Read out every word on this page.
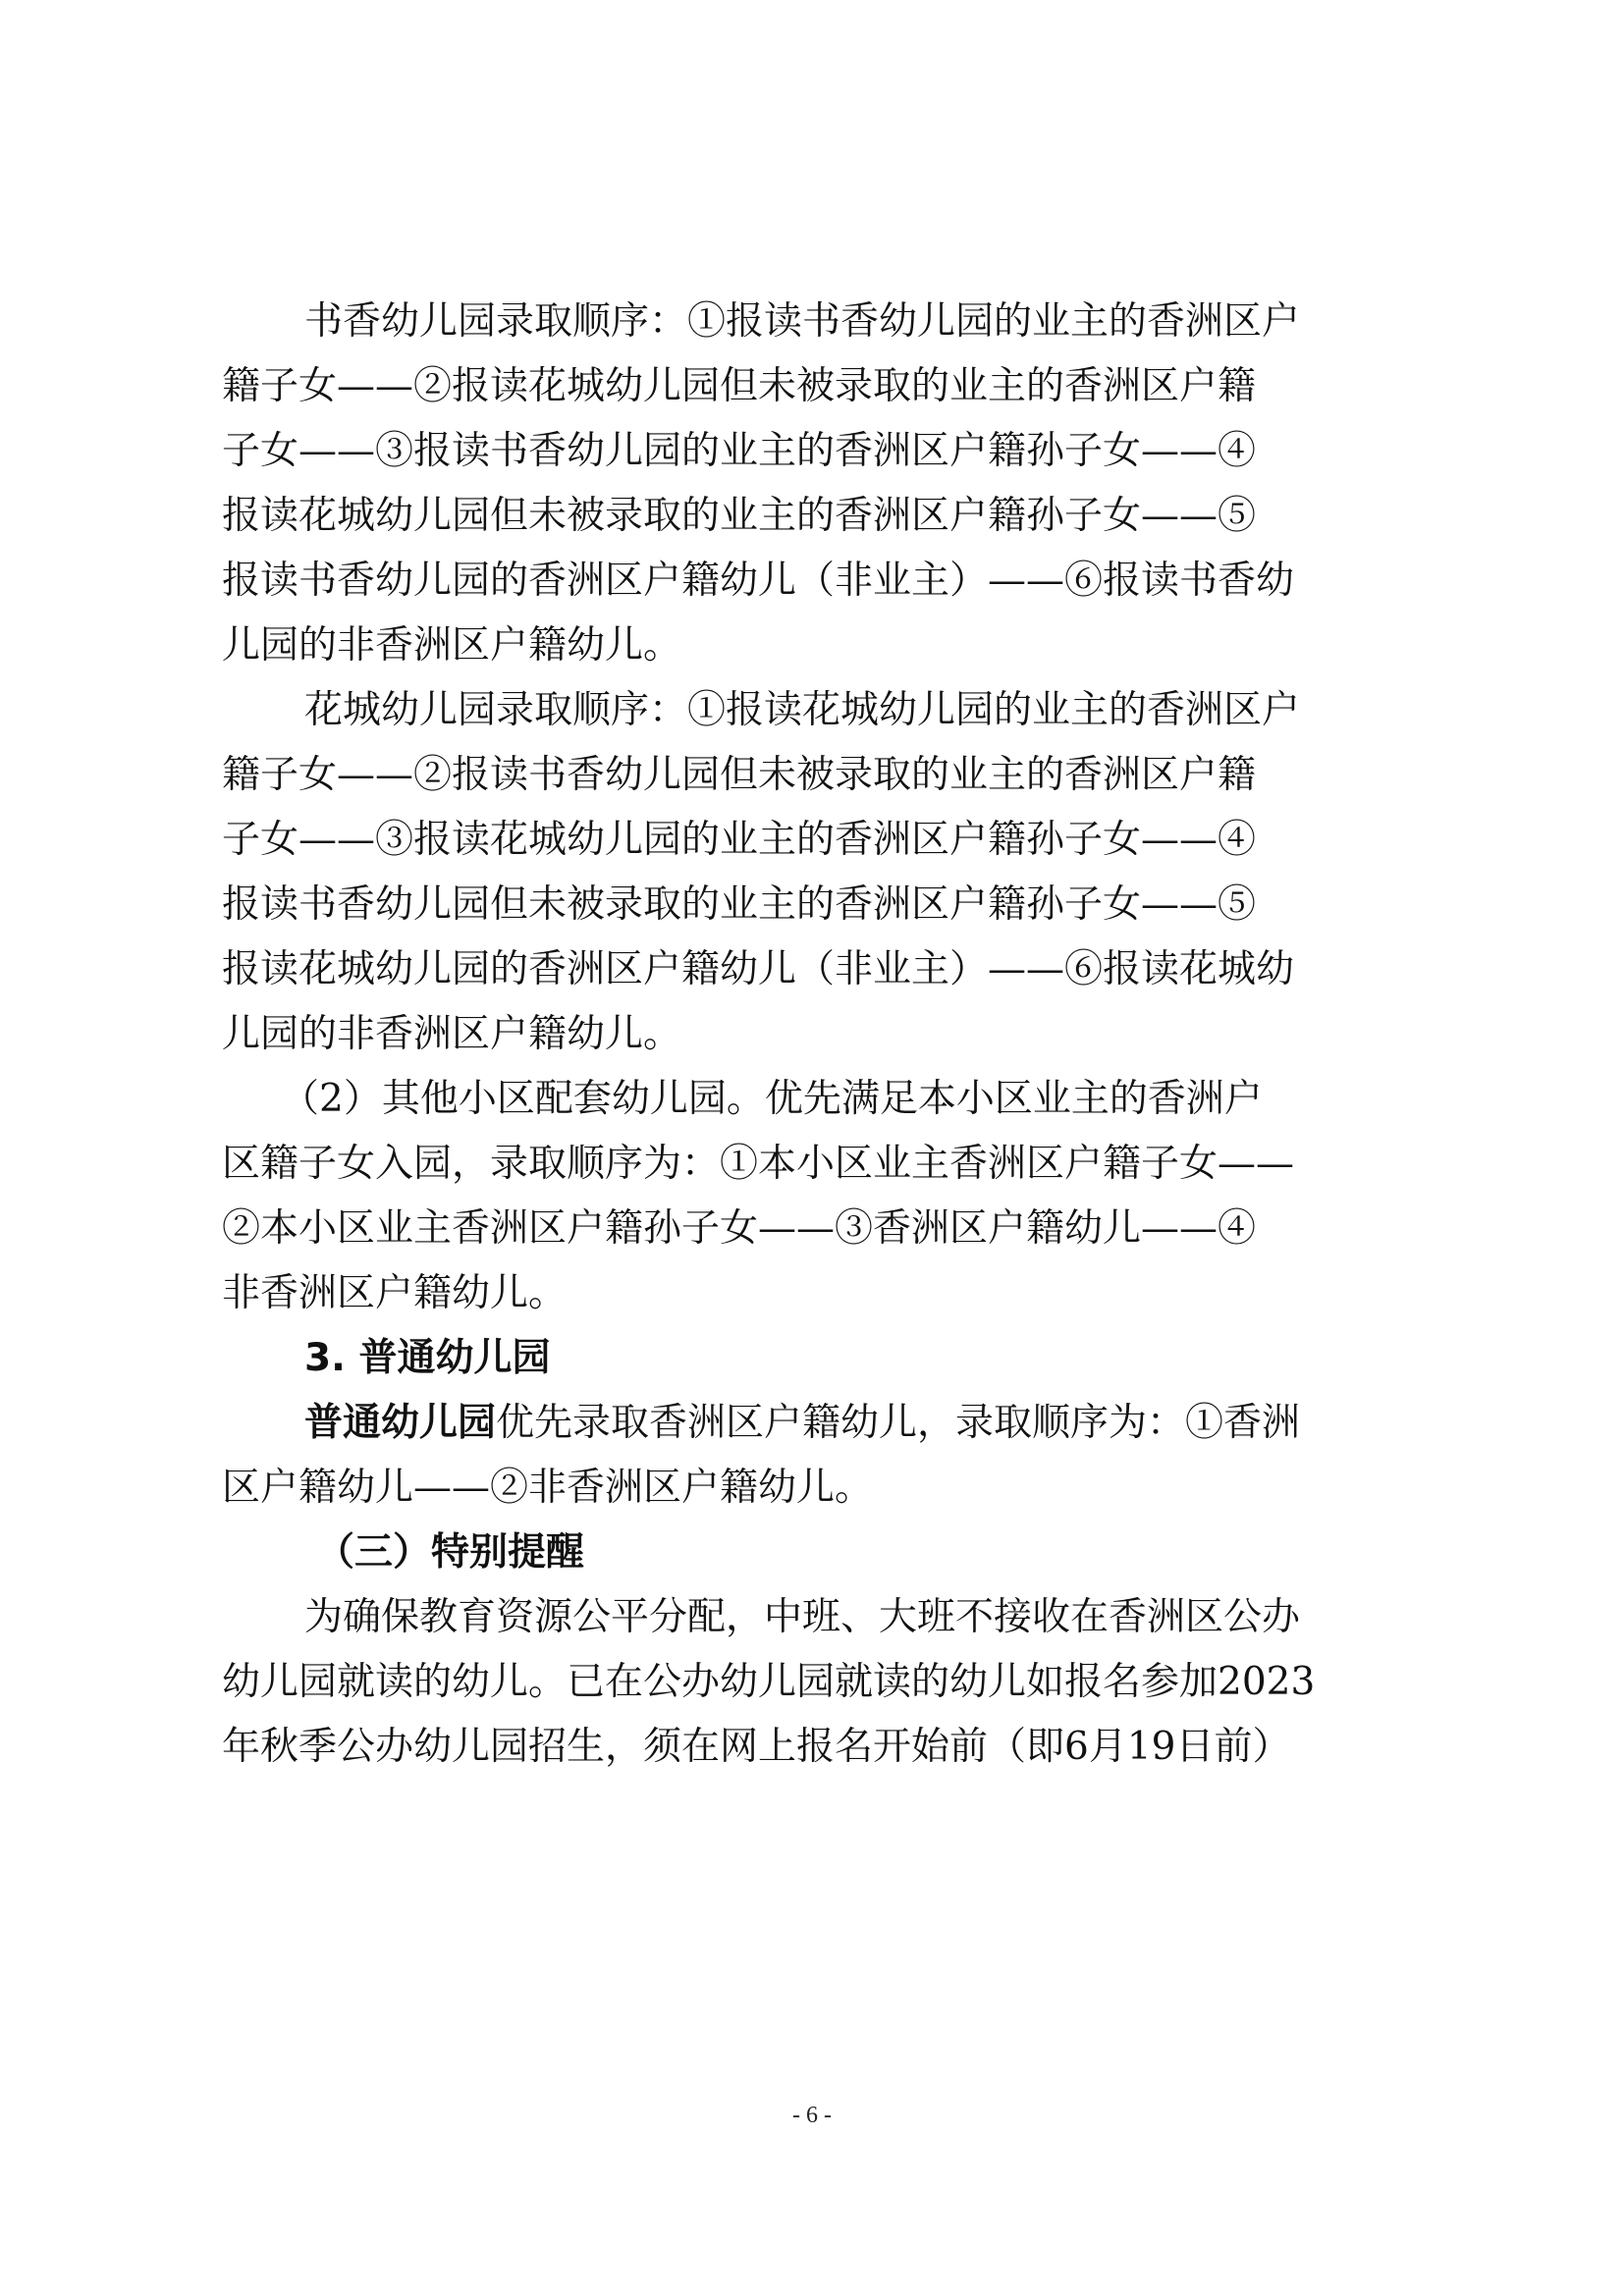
书香幼儿园录取顺序：①报读书香幼儿园的业主的香洲区户
籍子女——②报读花城幼儿园但未被录取的业主的香洲区户籍
子女——③报读书香幼儿园的业主的香洲区户籍孙子女——④
报读花城幼儿园但未被录取的业主的香洲区户籍孙子女——⑤
报读书香幼儿园的香洲区户籍幼儿（非业主）——⑥报读书香幼
儿园的非香洲区户籍幼儿。

花城幼儿园录取顺序：①报读花城幼儿园的业主的香洲区户
籍子女——②报读书香幼儿园但未被录取的业主的香洲区户籍
子女——③报读花城幼儿园的业主的香洲区户籍孙子女——④
报读书香幼儿园但未被录取的业主的香洲区户籍孙子女——⑤
报读花城幼儿园的香洲区户籍幼儿（非业主）——⑥报读花城幼
儿园的非香洲区户籍幼儿。

（2）其他小区配套幼儿园。优先满足本小区业主的香洲户
区籍子女入园，录取顺序为：①本小区业主香洲区户籍子女——
②本小区业主香洲区户籍孙子女——③香洲区户籍幼儿——④
非香洲区户籍幼儿。

3. 普通幼儿园

普通幼儿园优先录取香洲区户籍幼儿，录取顺序为：①香洲
区户籍幼儿——②非香洲区户籍幼儿。

（三）特别提醒

为确保教育资源公平分配，中班、大班不接收在香洲区公办
幼儿园就读的幼儿。已在公办幼儿园就读的幼儿如报名参加2023
年秋季公办幼儿园招生，须在网上报名开始前（即6月19日前）

- 6 -
